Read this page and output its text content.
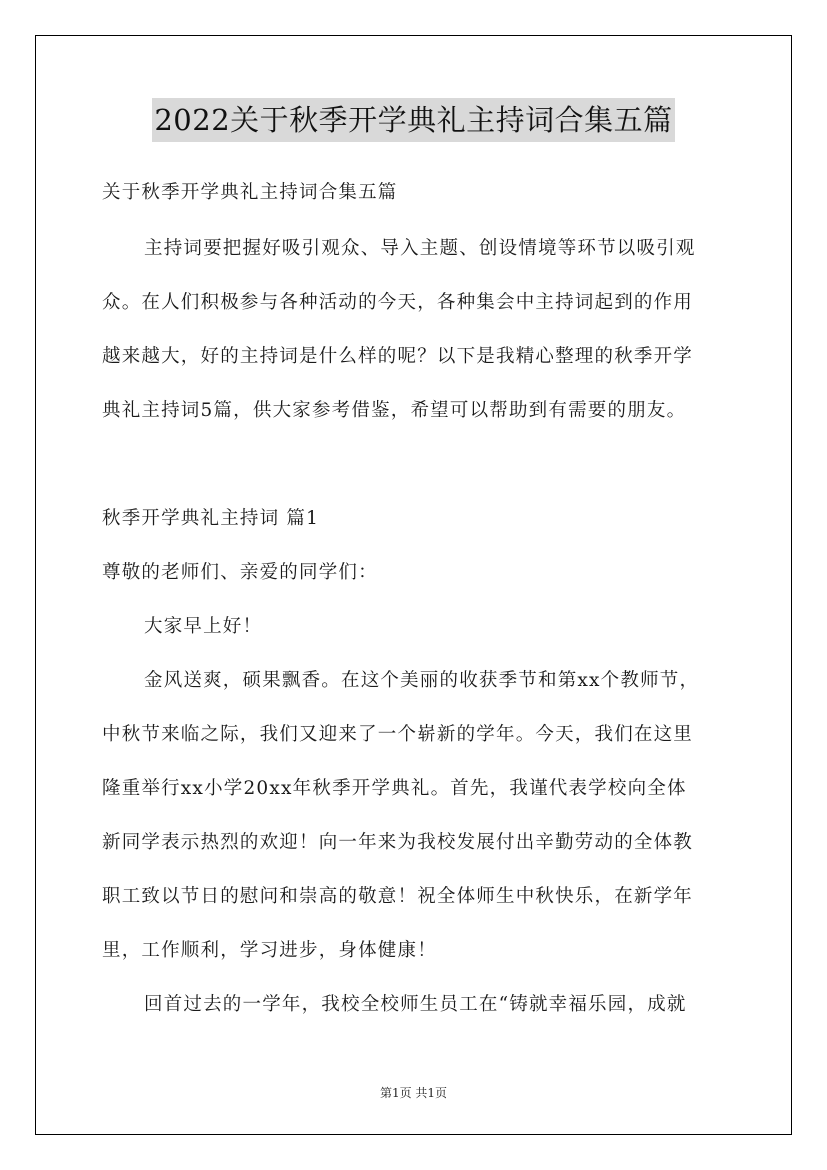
2022关于秋季开学典礼主持词合集五篇
关于秋季开学典礼主持词合集五篇
主持词要把握好吸引观众、导入主题、创设情境等环节以吸引观
众。在人们积极参与各种活动的今天，各种集会中主持词起到的作用
越来越大，好的主持词是什么样的呢？以下是我精心整理的秋季开学
典礼主持词5篇，供大家参考借鉴，希望可以帮助到有需要的朋友。
秋季开学典礼主持词 篇1
尊敬的老师们、亲爱的同学们：
大家早上好！
金风送爽，硕果飘香。在这个美丽的收获季节和第xx个教师节，
中秋节来临之际，我们又迎来了一个崭新的学年。今天，我们在这里
隆重举行xx小学20xx年秋季开学典礼。首先，我谨代表学校向全体
新同学表示热烈的欢迎！向一年来为我校发展付出辛勤劳动的全体教
职工致以节日的慰问和崇高的敬意！祝全体师生中秋快乐，在新学年
里，工作顺利，学习进步，身体健康！
回首过去的一学年，我校全校师生员工在“铸就幸福乐园，成就
第1页 共1页
